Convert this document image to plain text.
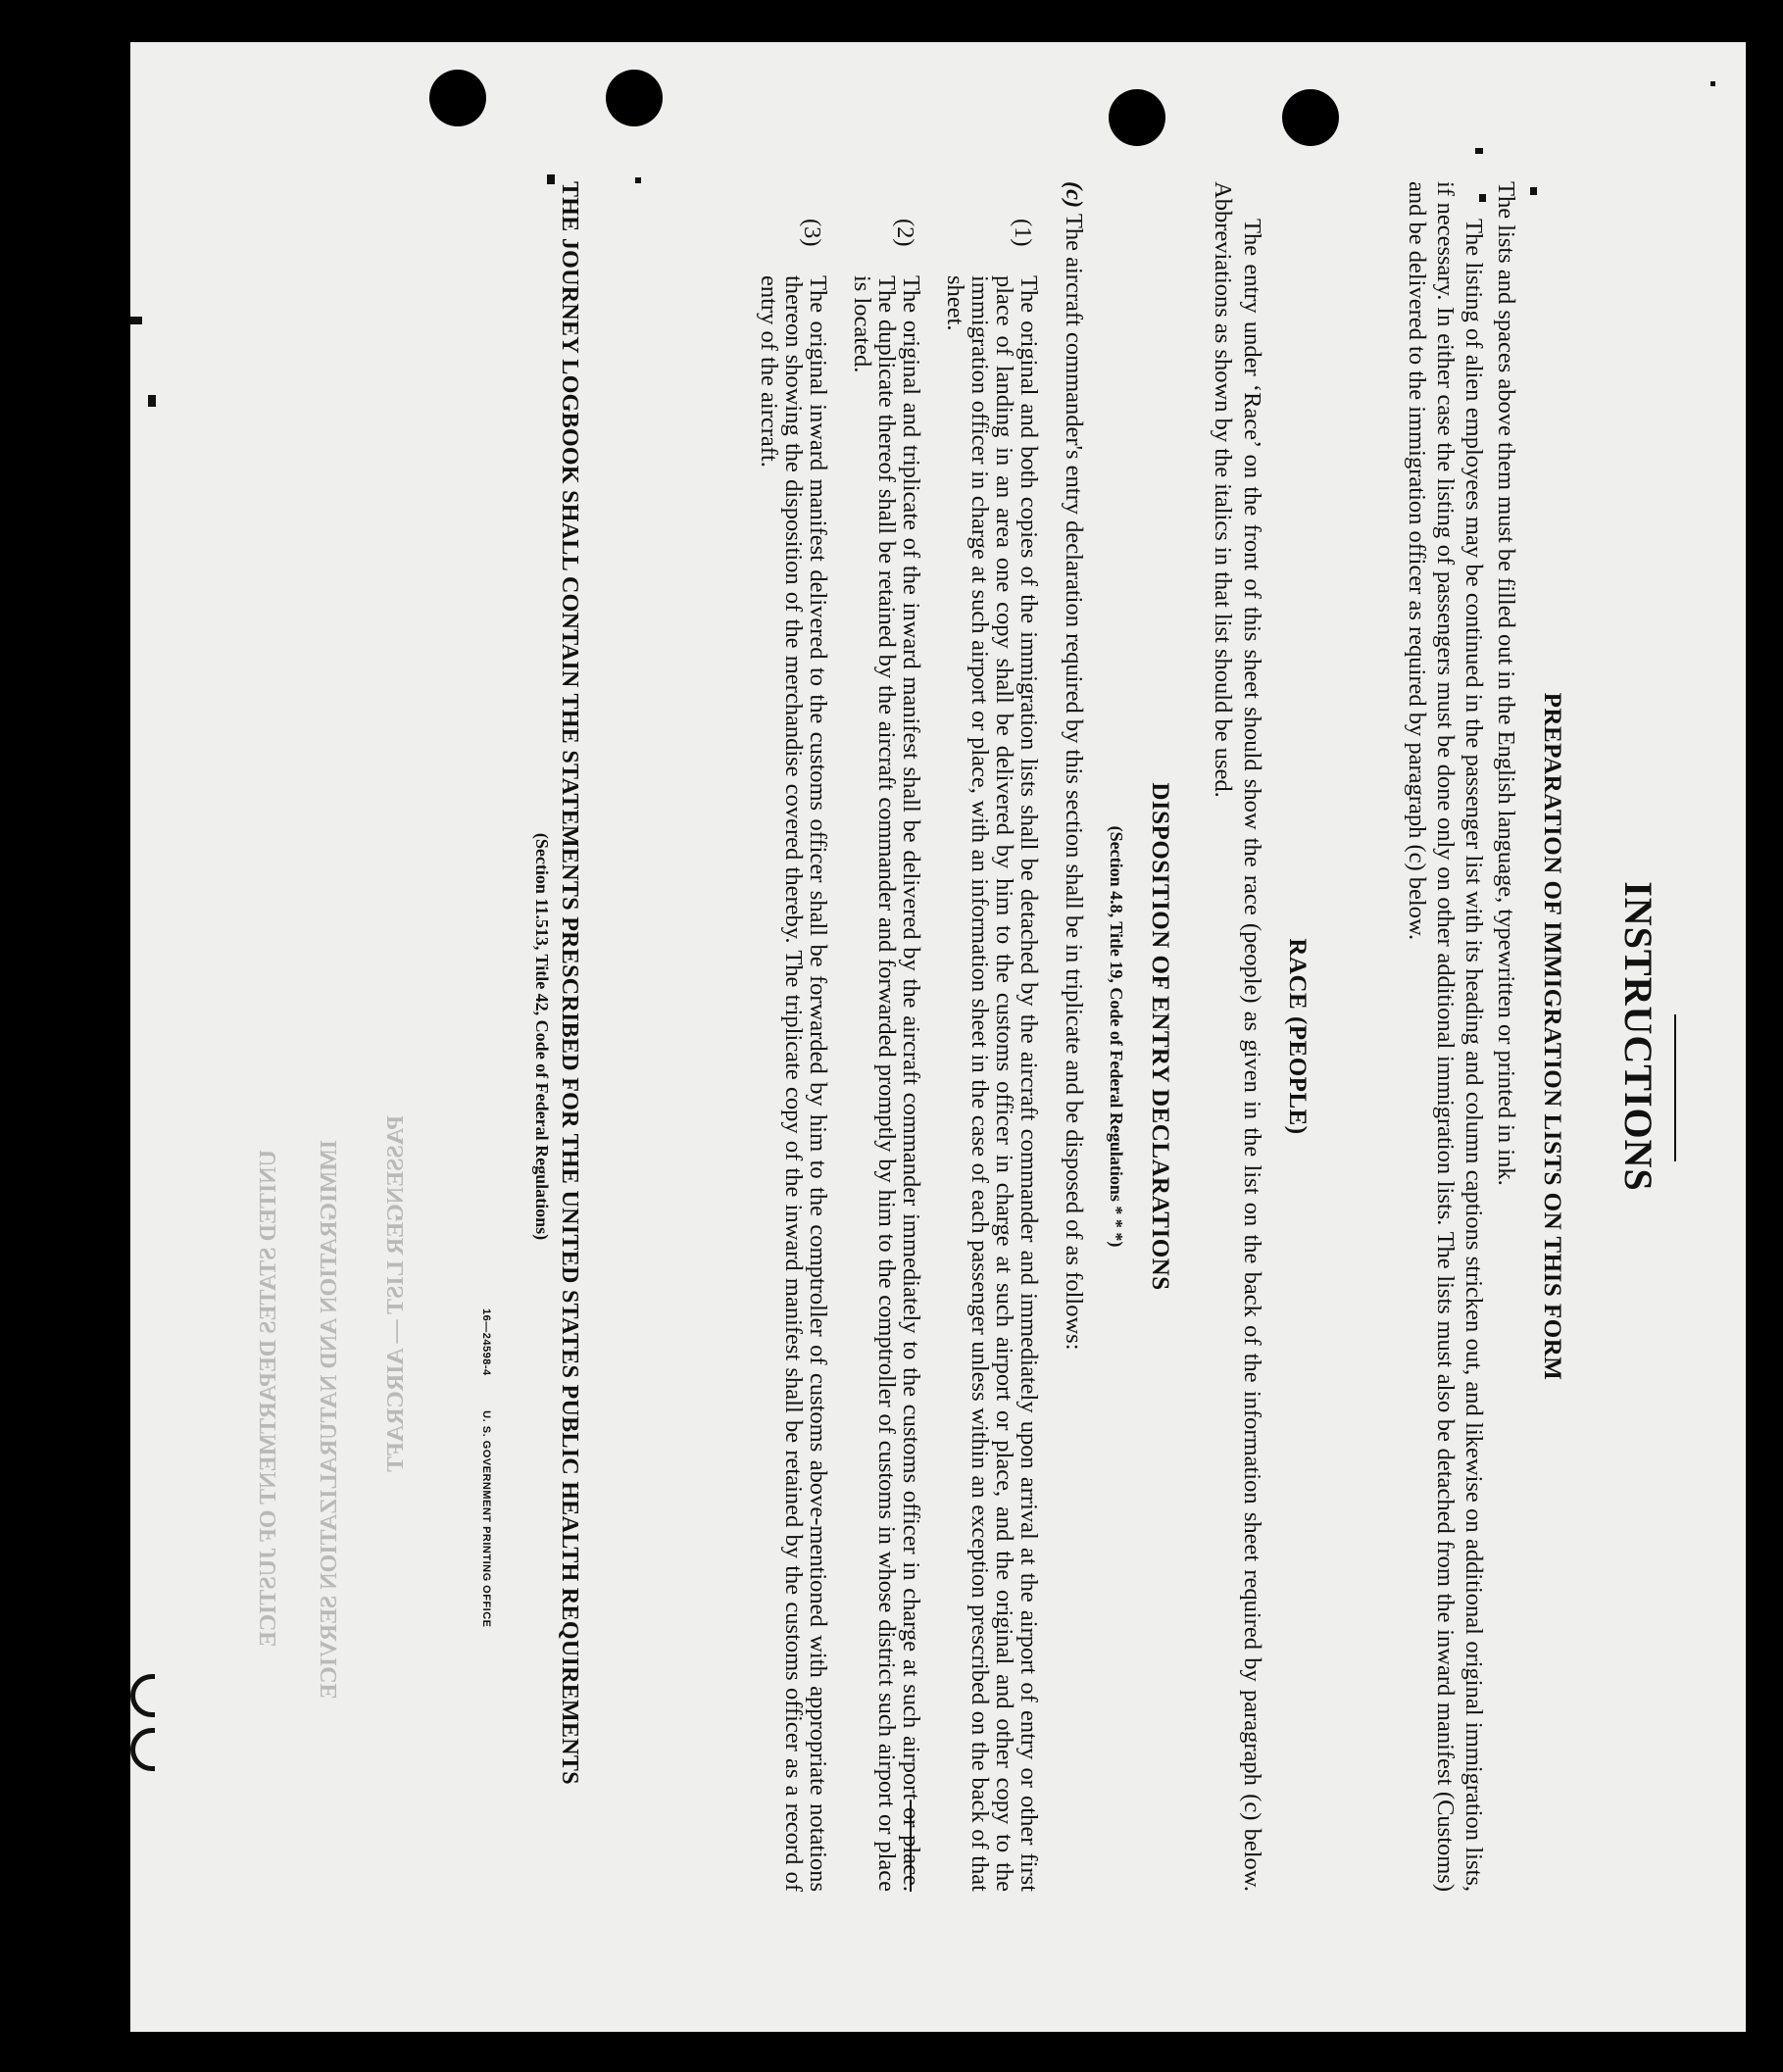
UNITED STATES DEPARTMENT OF JUSTICE IMMIGRATION AND NATURALIZATION SERVICE PASSENGER LIST — AIRCRAFT
INSTRUCTIONS

PREPARATION OF IMMIGRATION LISTS ON THIS FORM

The lists and spaces above them must be filled out in the English language, typewritten or printed in ink.

The listing of alien employees may be continued in the passenger list with its heading and column captions stricken out, and likewise on additional original immigration lists, if necessary. In either case the listing of passengers must be done only on other additional immigration lists. The lists must also be detached from the inward manifest (Customs) and be delivered to the immigration officer as required by paragraph (c) below.

RACE (PEOPLE)

The entry under ‘Race’ on the front of this sheet should show the race (people) as given in the list on the back of the information sheet required by paragraph (c) below. Abbreviations as shown by the italics in that list should be used.

DISPOSITION OF ENTRY DECLARATIONS

(Section 4.8, Title 19, Code of Federal Regulations * * *)

(c) The aircraft commander's entry declaration required by this section shall be in triplicate and be disposed of as follows:

(1)
The original and both copies of the immigration lists shall be detached by the aircraft commander and immediately upon arrival at the airport of entry or other first place of landing in an area one copy shall be delivered by him to the customs officer in charge at such airport or place, and the original and other copy to the immigration officer in charge at such airport or place, with an information sheet in the case of each passenger unless within an exception prescribed on the back of that sheet.
(2)
The original and triplicate of the inward manifest shall be delivered by the aircraft commander immediately to the customs officer in charge at such airport or place. The duplicate thereof shall be retained by the aircraft commander and forwarded promptly by him to the comptroller of customs in whose district such airport or place is located.
(3)
The original inward manifest delivered to the customs officer shall be forwarded by him to the comptroller of customs above-mentioned with appropriate notations thereon showing the disposition of the merchandise covered thereby. The triplicate copy of the inward manifest shall be retained by the customs officer as a record of entry of the aircraft.
THE JOURNEY LOGBOOK SHALL CONTAIN THE STATEMENTS PRESCRIBED FOR THE UNITED STATES PUBLIC HEALTH REQUIREMENTS
(Section 11.513, Title 42, Code of Federal Regulations)
16—24598-4          U. S. GOVERNMENT PRINTING OFFICE
